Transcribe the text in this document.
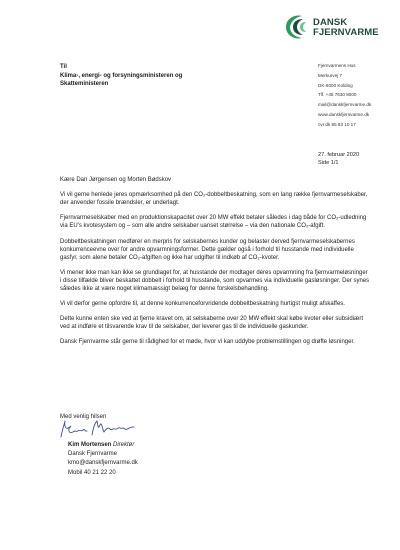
DANSK
FJERNVARME
Til
Klima-, energi- og forsyningsministeren og
Skatteministeren
Fjernvarmens Hus
Merkurvej 7
DK-6000 Kolding
Tlf. +45 7630 8000
mail@danskfjernvarme.dk
www.danskfjernvarme.dk
cvr dk 55 83 10 17
27. februar 2020
Side 1/1

Kære Dan Jørgensen og Morten Bødskov

Vi vil gerne henlede jeres opmærksomhed på den CO₂-dobbeltbeskatning, som en lang række fjernvarmeselskaber, der anvender fossile brændsler, er underlagt.

Fjernvarmeselskaber med en produktionskapacitet over 20 MW effekt betaler således i dag både for CO₂-udledning via EU's kvotesystem og – som alle andre selskaber uanset størrelse – via den nationale CO₂-afgift.

Dobbeltbeskatningen medfører en merpris for selskabernes kunder og belaster derved fjernvarmeselskabernes konkurrenceevne over for andre opvarmningsformer. Dette gælder også i forhold til husstande med individuelle gasfyr, som alene betaler CO₂-afgiften og ikke har udgifter til indkøb af CO₂-kvoter.

Vi mener ikke man kan ikke se grundlaget for, at husstande der modtager deres opvarmning fra fjernvarmeløsninger i disse tilfælde bliver beskattet dobbelt i forhold til husstande, som opvarmes via individuelle gasløsninger. Der synes således ikke at være noget klimamæssigt belæg for denne forskelsbehandling.

Vi vil derfor gerne opfordre til, at denne konkurrenceforvridende dobbeltbeskatning hurtigst muligt afskaffes.

Dette kunne enten ske ved at fjerne kravet om, at selskaberne over 20 MW effekt skal købe kvoter eller subsidiært ved at indføre et tilsvarende krav til de selskaber, der leverer gas til de individuelle gaskunder.

Dansk Fjernvarme står gerne til rådighed for et møde, hvor vi kan uddybe problemstillingen og drøfte løsninger.

Med venlig hilsen
Kim Mortensen Direktør
Dansk Fjernvarme
kmo@danskfjernvarme.dk
Mobil 40 21 22 20
